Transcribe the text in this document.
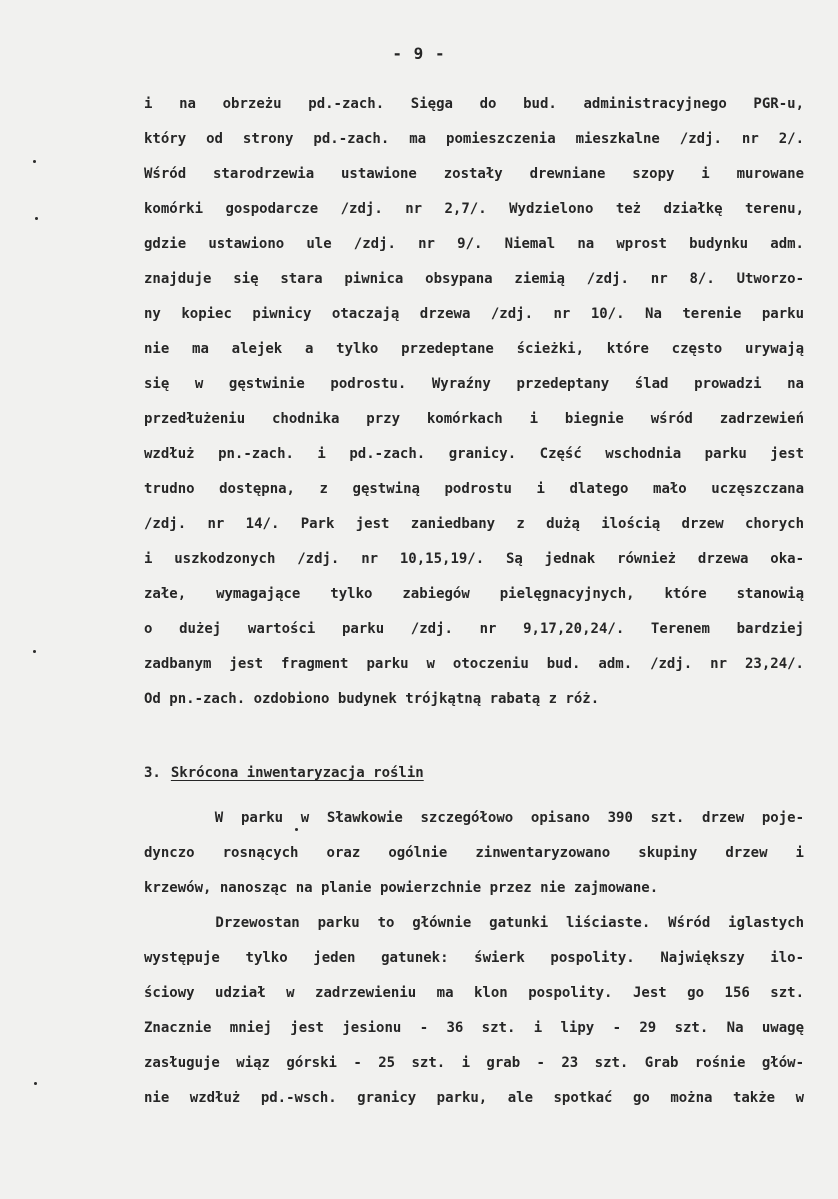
- 9 -
i na obrzeżu pd.-zach. Sięga do bud. administracyjnego PGR-u,
który od strony pd.-zach. ma pomieszczenia mieszkalne /zdj. nr 2/.
Wśród starodrzewia ustawione zostały drewniane szopy i murowane
komórki gospodarcze /zdj. nr 2,7/. Wydzielono też działkę terenu,
gdzie ustawiono ule /zdj. nr 9/. Niemal na wprost budynku adm.
znajduje się stara piwnica obsypana ziemią /zdj. nr 8/. Utworzo-
ny kopiec piwnicy otaczają drzewa /zdj. nr 10/. Na terenie parku
nie ma alejek a tylko przedeptane ścieżki, które często urywają
się w gęstwinie podrostu. Wyraźny przedeptany ślad prowadzi na
przedłużeniu chodnika przy komórkach i biegnie wśród zadrzewień
wzdłuż pn.-zach. i pd.-zach. granicy. Część wschodnia parku jest
trudno dostępna, z gęstwiną podrostu i dlatego mało uczęszczana
/zdj. nr 14/. Park jest zaniedbany z dużą ilością drzew chorych
i uszkodzonych /zdj. nr 10,15,19/. Są jednak również drzewa oka-
załe, wymagające tylko zabiegów pielęgnacyjnych, które stanowią
o dużej wartości parku /zdj. nr 9,17,20,24/. Terenem bardziej
zadbanym jest fragment parku w otoczeniu bud. adm. /zdj. nr 23,24/.
Od pn.-zach. ozdobiono budynek trójkątną rabatą z róż.
3. Skrócona inwentaryzacja roślin
W parku w Sławkowie szczegółowo opisano 390 szt. drzew poje-
dynczo rosnących oraz ogólnie zinwentaryzowano skupiny drzew i
krzewów, nanosząc na planie powierzchnie przez nie zajmowane.
Drzewostan parku to głównie gatunki liściaste. Wśród iglastych
występuje tylko jeden gatunek: świerk pospolity. Największy ilo-
ściowy udział w zadrzewieniu ma klon pospolity. Jest go 156 szt.
Znacznie mniej jest jesionu - 36 szt. i lipy - 29 szt. Na uwagę
zasługuje wiąz górski - 25 szt. i grab - 23 szt. Grab rośnie głów-
nie wzdłuż pd.-wsch. granicy parku, ale spotkać go można także w
